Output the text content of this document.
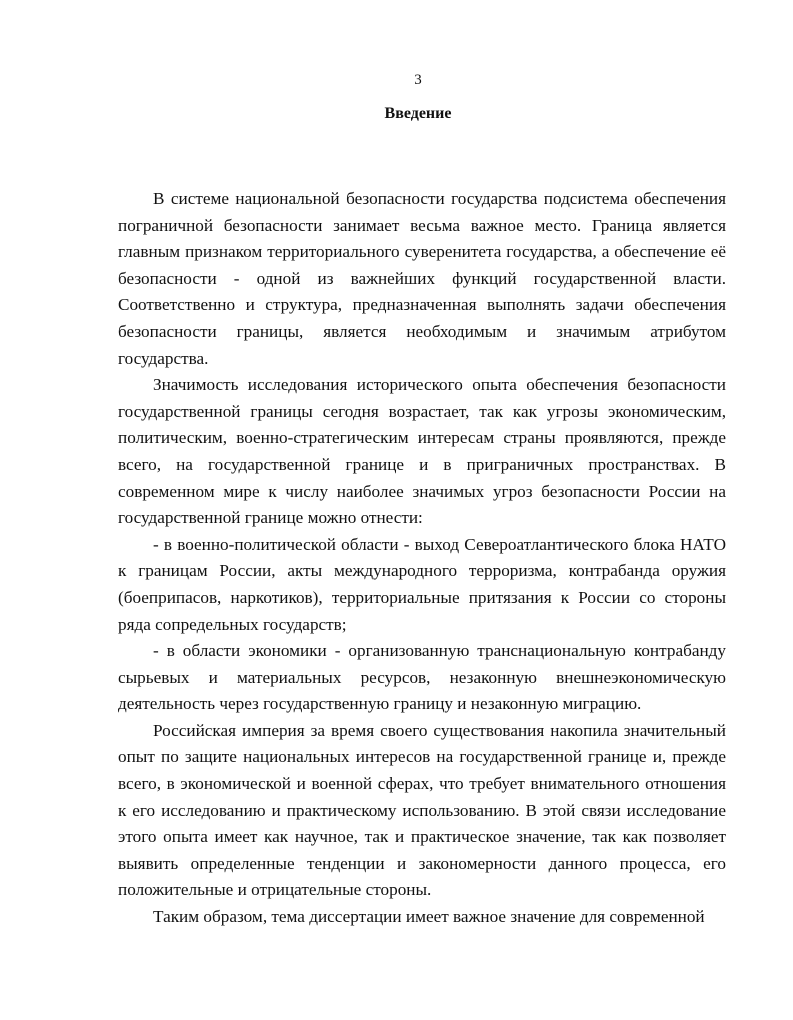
3

Введение

В системе национальной безопасности государства подсистема обеспечения пограничной безопасности занимает весьма важное место. Граница является главным признаком территориального суверенитета государства, а обеспечение её безопасности - одной из важнейших функций государственной власти. Соответственно и структура, предназначенная выполнять задачи обеспечения безопасности границы, является необходимым и значимым атрибутом государства.

Значимость исследования исторического опыта обеспечения безопасности государственной границы сегодня возрастает, так как угрозы экономическим, политическим, военно-стратегическим интересам страны проявляются, прежде всего, на государственной границе и в приграничных пространствах. В современном мире к числу наиболее значимых угроз безопасности России на государственной границе можно отнести:

- в военно-политической области - выход Североатлантического блока НАТО к границам России, акты международного терроризма, контрабанда оружия (боеприпасов, наркотиков), территориальные притязания к России со стороны ряда сопредельных государств;

- в области экономики - организованную транснациональную контрабанду сырьевых и материальных ресурсов, незаконную внешнеэкономическую деятельность через государственную границу и незаконную миграцию.

Российская империя за время своего существования накопила значительный опыт по защите национальных интересов на государственной границе и, прежде всего, в экономической и военной сферах, что требует внимательного отношения к его исследованию и практическому использованию. В этой связи исследование этого опыта имеет как научное, так и практическое значение, так как позволяет выявить определенные тенденции и закономерности данного процесса, его положительные и отрицательные стороны.

Таким образом, тема диссертации имеет важное значение для современной
